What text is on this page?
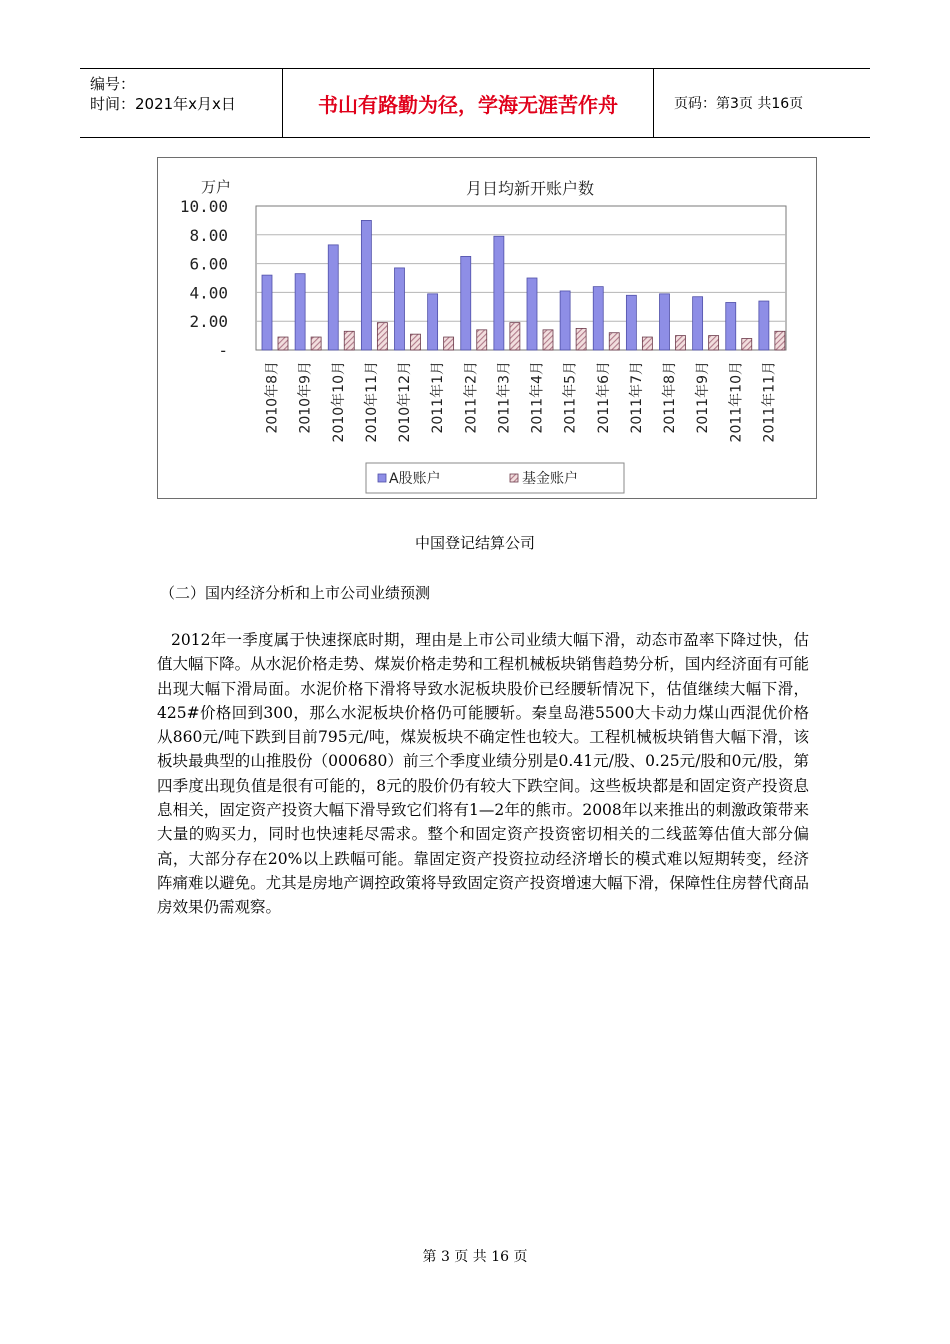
编号：
时间：2021年x月x日	书山有路勤为径，学海无涯苦作舟	页码：第3页 共16页
10.00
8.00
6.00
4.00
2.00
-
万户	月日均新开账户数
2010年8月 2010年9月 2010年10月 2010年11月 2010年12月 2011年1月 2011年2月 2011年3月 2011年4月 2011年5月 2011年6月 2011年7月 2011年8月 2011年9月 2011年10月 2011年11月
A股账户	基金账户
中国登记结算公司
（二）国内经济分析和上市公司业绩预测

2012年一季度属于快速探底时期，理由是上市公司业绩大幅下滑，动态市盈率下降过快，估值大幅下降。从水泥价格走势、煤炭价格走势和工程机械板块销售趋势分析，国内经济面有可能出现大幅下滑局面。水泥价格下滑将导致水泥板块股价已经腰斩情况下，估值继续大幅下滑，425#价格回到300，那么水泥板块价格仍可能腰斩。秦皇岛港5500大卡动力煤山西混优价格从860元/吨下跌到目前795元/吨，煤炭板块不确定性也较大。工程机械板块销售大幅下滑，该板块最典型的山推股份（000680）前三个季度业绩分别是0.41元/股、0.25元/股和0元/股，第四季度出现负值是很有可能的，8元的股价仍有较大下跌空间。这些板块都是和固定资产投资息息相关，固定资产投资大幅下滑导致它们将有1—2年的熊市。2008年以来推出的刺激政策带来大量的购买力，同时也快速耗尽需求。整个和固定资产投资密切相关的二线蓝筹估值大部分偏高，大部分存在20%以上跌幅可能。靠固定资产投资拉动经济增长的模式难以短期转变，经济阵痛难以避免。尤其是房地产调控政策将导致固定资产投资增速大幅下滑，保障性住房替代商品房效果仍需观察。

第 3 页 共 16 页
